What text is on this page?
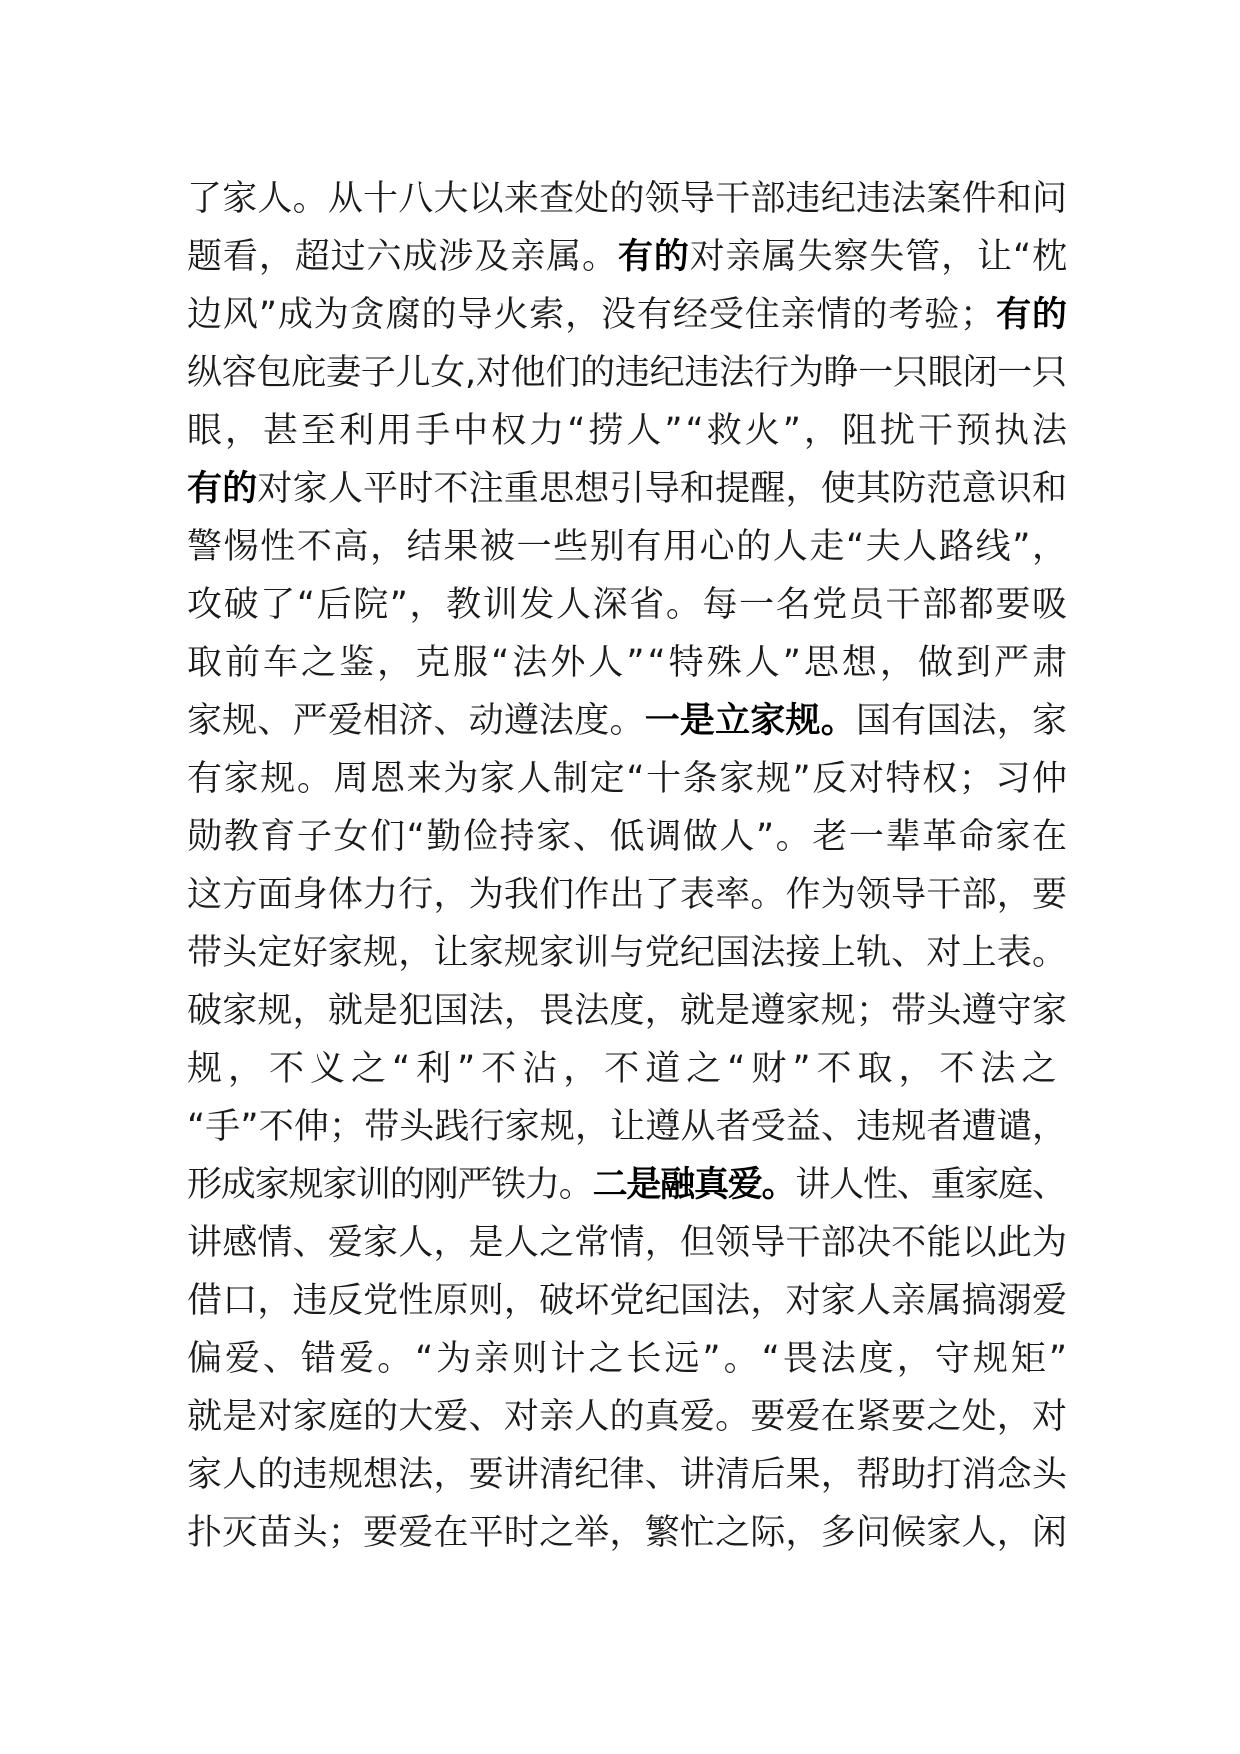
了家人。从十八大以来查处的领导干部违纪违法案件和问
题看，超过六成涉及亲属。有的对亲属失察失管，让“枕
边风”成为贪腐的导火索，没有经受住亲情的考验；有的
纵容包庇妻子儿女,对他们的违纪违法行为睁一只眼闭一只
眼，甚至利用手中权力“捞人”“救火”，阻扰干预执法
有的对家人平时不注重思想引导和提醒，使其防范意识和
警惕性不高，结果被一些别有用心的人走“夫人路线”，
攻破了“后院”，教训发人深省。每一名党员干部都要吸
取前车之鉴，克服“法外人”“特殊人”思想，做到严肃
家规、严爱相济、动遵法度。一是立家规。国有国法，家
有家规。周恩来为家人制定“十条家规”反对特权；习仲
勋教育子女们“勤俭持家、低调做人”。老一辈革命家在
这方面身体力行，为我们作出了表率。作为领导干部，要
带头定好家规，让家规家训与党纪国法接上轨、对上表。
破家规，就是犯国法，畏法度，就是遵家规；带头遵守家
规，不义之“利”不沾，不道之“财”不取，不法之
“手”不伸；带头践行家规，让遵从者受益、违规者遭谴，
形成家规家训的刚严铁力。二是融真爱。讲人性、重家庭、
讲感情、爱家人，是人之常情，但领导干部决不能以此为
借口，违反党性原则，破坏党纪国法，对家人亲属搞溺爱
偏爱、错爱。“为亲则计之长远”。“畏法度，守规矩”
就是对家庭的大爱、对亲人的真爱。要爱在紧要之处，对
家人的违规想法，要讲清纪律、讲清后果，帮助打消念头
扑灭苗头；要爱在平时之举，繁忙之际，多问候家人，闲
